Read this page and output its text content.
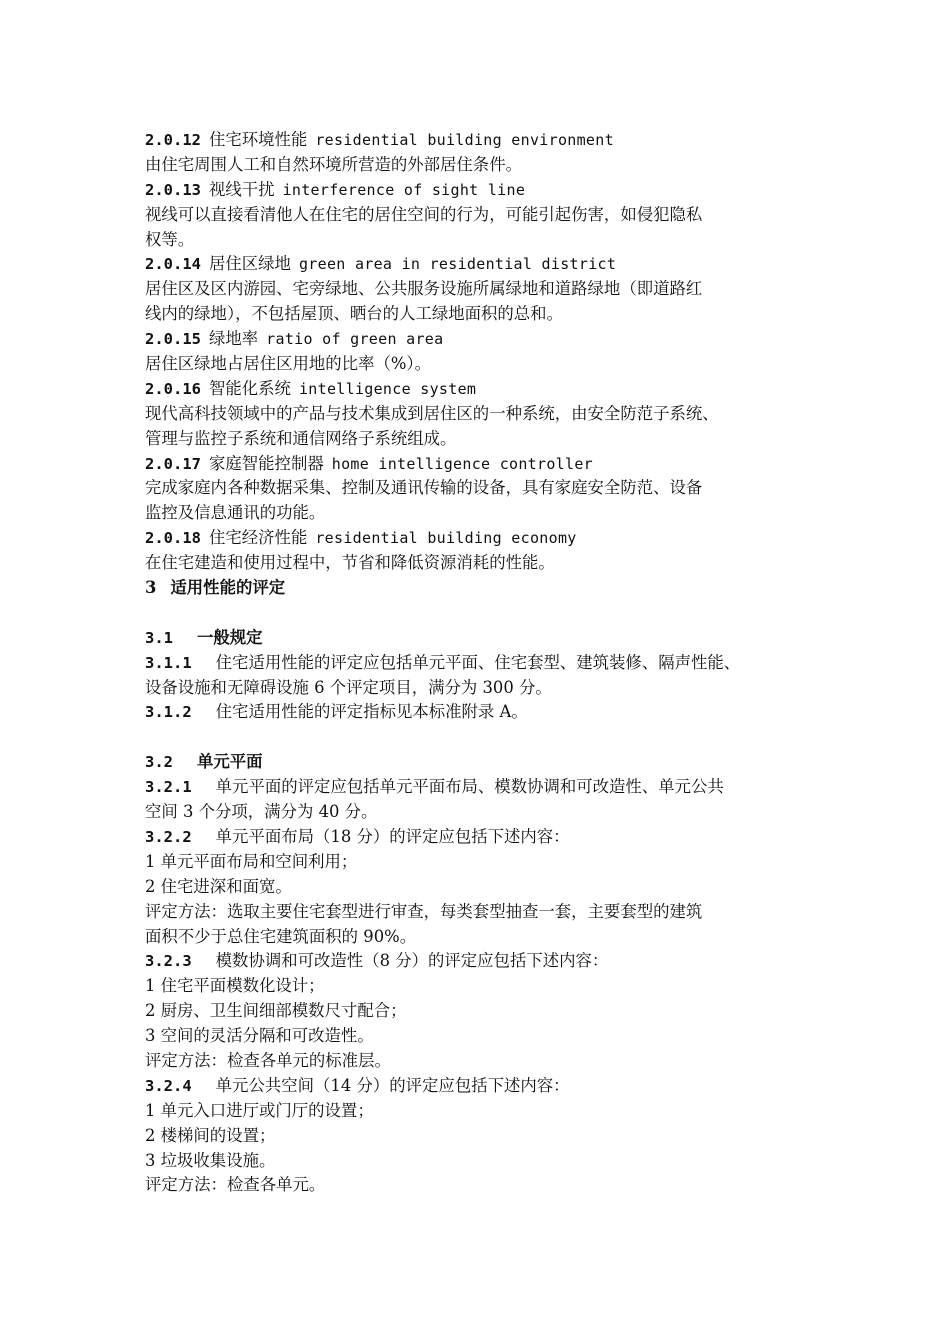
2.0.12 住宅环境性能 residential building environment
由住宅周围人工和自然环境所营造的外部居住条件。
2.0.13 视线干扰 interference of sight line
视线可以直接看清他人在住宅的居住空间的行为，可能引起伤害，如侵犯隐私
权等。
2.0.14 居住区绿地 green area in residential district
居住区及区内游园、宅旁绿地、公共服务设施所属绿地和道路绿地（即道路红
线内的绿地），不包括屋顶、晒台的人工绿地面积的总和。
2.0.15 绿地率 ratio of green area
居住区绿地占居住区用地的比率（%）。
2.0.16 智能化系统 intelligence system
现代高科技领域中的产品与技术集成到居住区的一种系统，由安全防范子系统、
管理与监控子系统和通信网络子系统组成。
2.0.17 家庭智能控制器 home intelligence controller
完成家庭内各种数据采集、控制及通讯传输的设备，具有家庭安全防范、设备
监控及信息通讯的功能。
2.0.18 住宅经济性能 residential building economy
在住宅建造和使用过程中，节省和降低资源消耗的性能。
3 适用性能的评定
3.1 一般规定
3.1.1 住宅适用性能的评定应包括单元平面、住宅套型、建筑装修、隔声性能、
设备设施和无障碍设施 6 个评定项目，满分为 300 分。
3.1.2 住宅适用性能的评定指标见本标准附录 A。
3.2 单元平面
3.2.1 单元平面的评定应包括单元平面布局、模数协调和可改造性、单元公共
空间 3 个分项，满分为 40 分。
3.2.2 单元平面布局（18 分）的评定应包括下述内容：
1 单元平面布局和空间利用；
2 住宅进深和面宽。
评定方法：选取主要住宅套型进行审查，每类套型抽查一套，主要套型的建筑
面积不少于总住宅建筑面积的 90%。
3.2.3 模数协调和可改造性（8 分）的评定应包括下述内容：
1 住宅平面模数化设计；
2 厨房、卫生间细部模数尺寸配合；
3 空间的灵活分隔和可改造性。
评定方法：检查各单元的标准层。
3.2.4 单元公共空间（14 分）的评定应包括下述内容：
1 单元入口进厅或门厅的设置；
2 楼梯间的设置；
3 垃圾收集设施。
评定方法：检查各单元。
